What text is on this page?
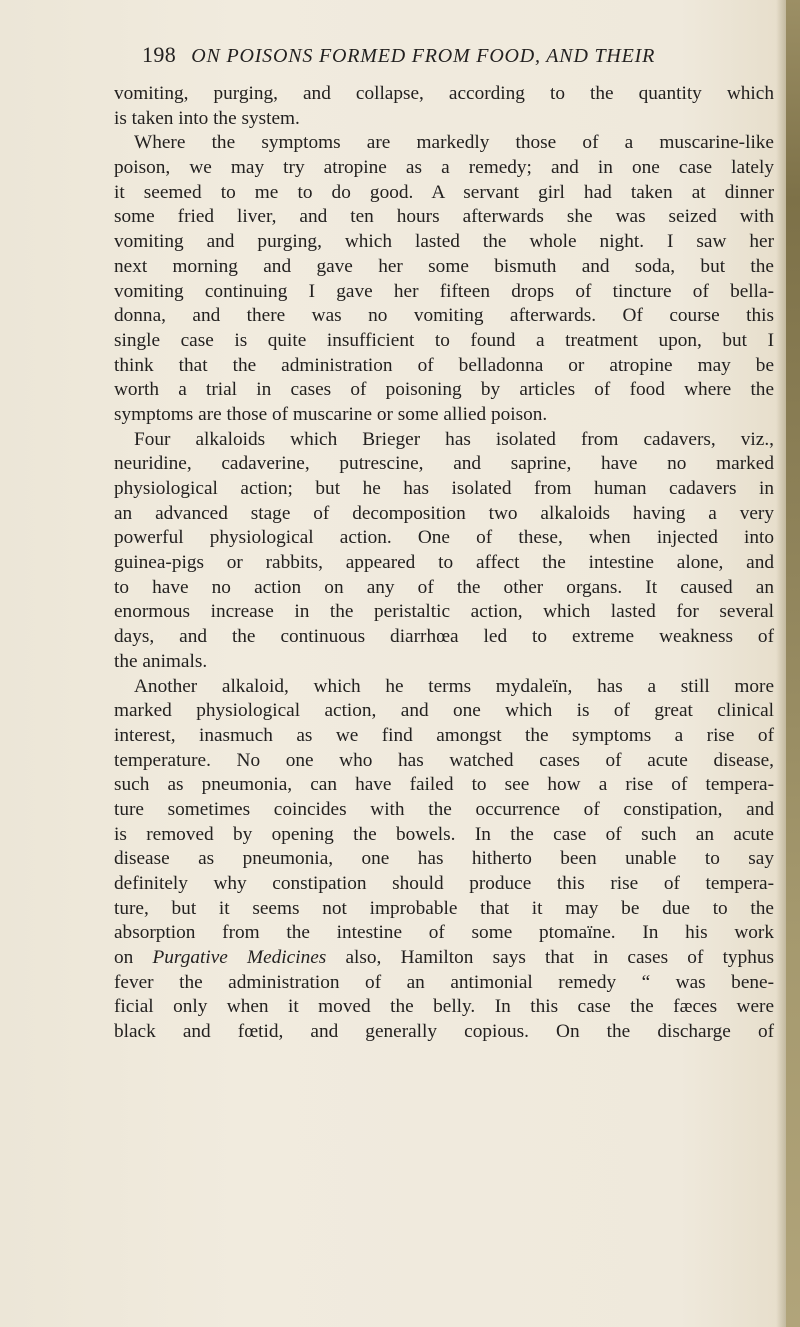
198 ON POISONS FORMED FROM FOOD, AND THEIR
vomiting, purging, and collapse, according to the quantity which
is taken into the system.
Where the symptoms are markedly those of a muscarine-like
poison, we may try atropine as a remedy; and in one case lately
it seemed to me to do good. A servant girl had taken at dinner
some fried liver, and ten hours afterwards she was seized with
vomiting and purging, which lasted the whole night. I saw her
next morning and gave her some bismuth and soda, but the
vomiting continuing I gave her fifteen drops of tincture of bella-
donna, and there was no vomiting afterwards. Of course this
single case is quite insufficient to found a treatment upon, but I
think that the administration of belladonna or atropine may be
worth a trial in cases of poisoning by articles of food where the
symptoms are those of muscarine or some allied poison.
Four alkaloids which Brieger has isolated from cadavers, viz.,
neuridine, cadaverine, putrescine, and saprine, have no marked
physiological action; but he has isolated from human cadavers in
an advanced stage of decomposition two alkaloids having a very
powerful physiological action. One of these, when injected into
guinea-pigs or rabbits, appeared to affect the intestine alone, and
to have no action on any of the other organs. It caused an
enormous increase in the peristaltic action, which lasted for several
days, and the continuous diarrhœa led to extreme weakness of
the animals.
Another alkaloid, which he terms mydaleïn, has a still more
marked physiological action, and one which is of great clinical
interest, inasmuch as we find amongst the symptoms a rise of
temperature. No one who has watched cases of acute disease,
such as pneumonia, can have failed to see how a rise of tempera-
ture sometimes coincides with the occurrence of constipation, and
is removed by opening the bowels. In the case of such an acute
disease as pneumonia, one has hitherto been unable to say
definitely why constipation should produce this rise of tempera-
ture, but it seems not improbable that it may be due to the
absorption from the intestine of some ptomaïne. In his work
on Purgative Medicines also, Hamilton says that in cases of typhus
fever the administration of an antimonial remedy “ was bene-
ficial only when it moved the belly. In this case the fæces were
black and fœtid, and generally copious. On the discharge of
